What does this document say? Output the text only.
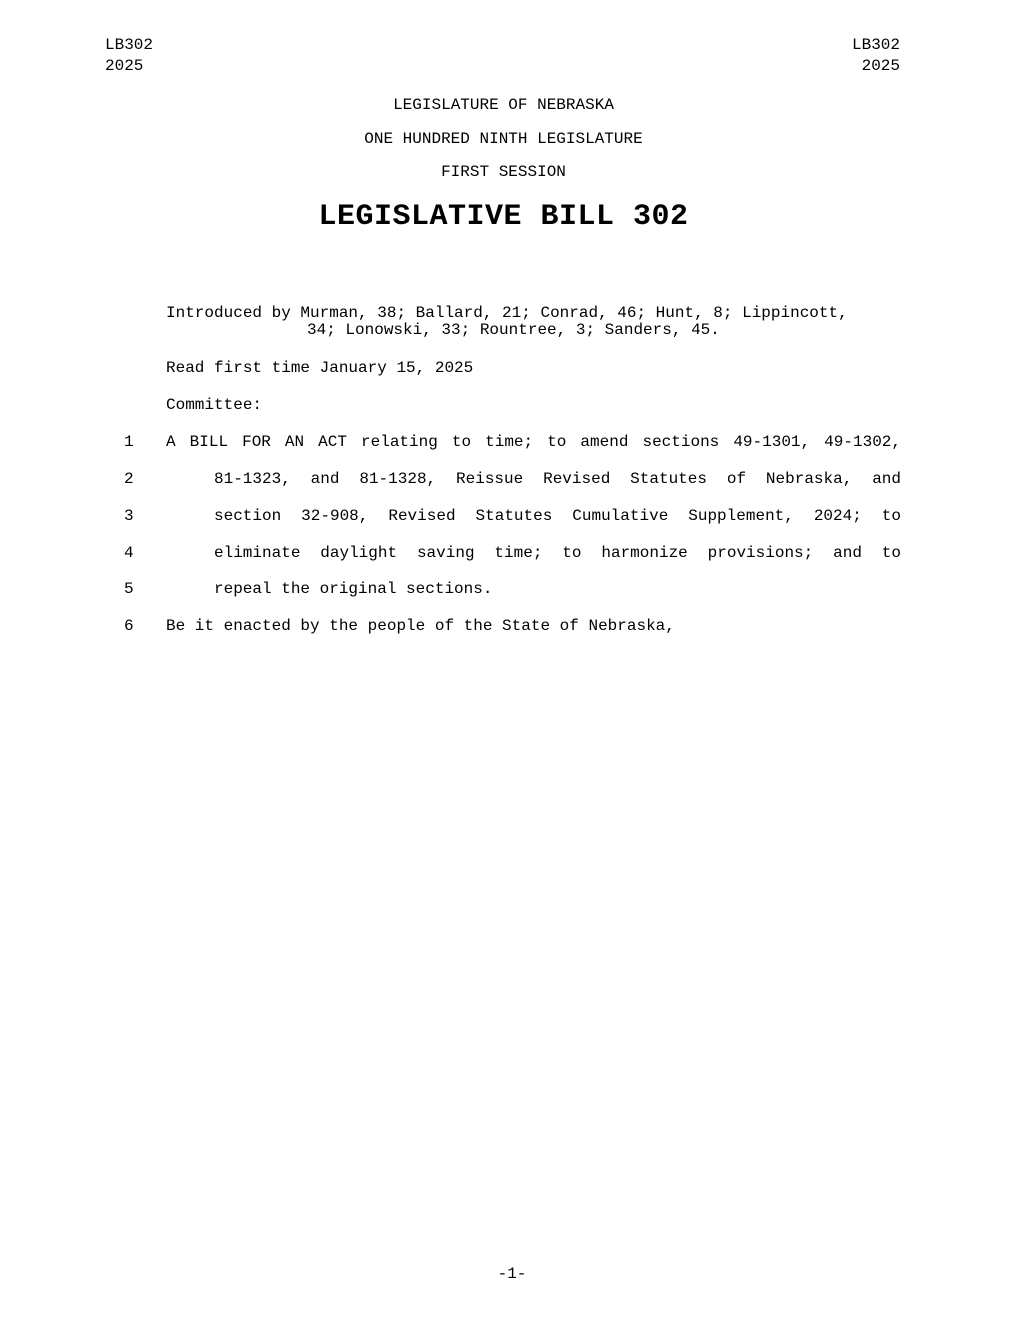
LB302
2025
LB302
2025
LEGISLATURE OF NEBRASKA
ONE HUNDRED NINTH LEGISLATURE
FIRST SESSION
LEGISLATIVE BILL 302
Introduced by Murman, 38; Ballard, 21; Conrad, 46; Hunt, 8; Lippincott,
34; Lonowski, 33; Rountree, 3; Sanders, 45.
Read first time January 15, 2025
Committee:
1 A BILL FOR AN ACT relating to time; to amend sections 49-1301, 49-1302,
2	81-1323, and 81-1328, Reissue Revised Statutes of Nebraska, and
3	section 32-908, Revised Statutes Cumulative Supplement, 2024; to
4	eliminate daylight saving time; to harmonize provisions; and to
5	repeal the original sections.
6 Be it enacted by the people of the State of Nebraska,
-1-
